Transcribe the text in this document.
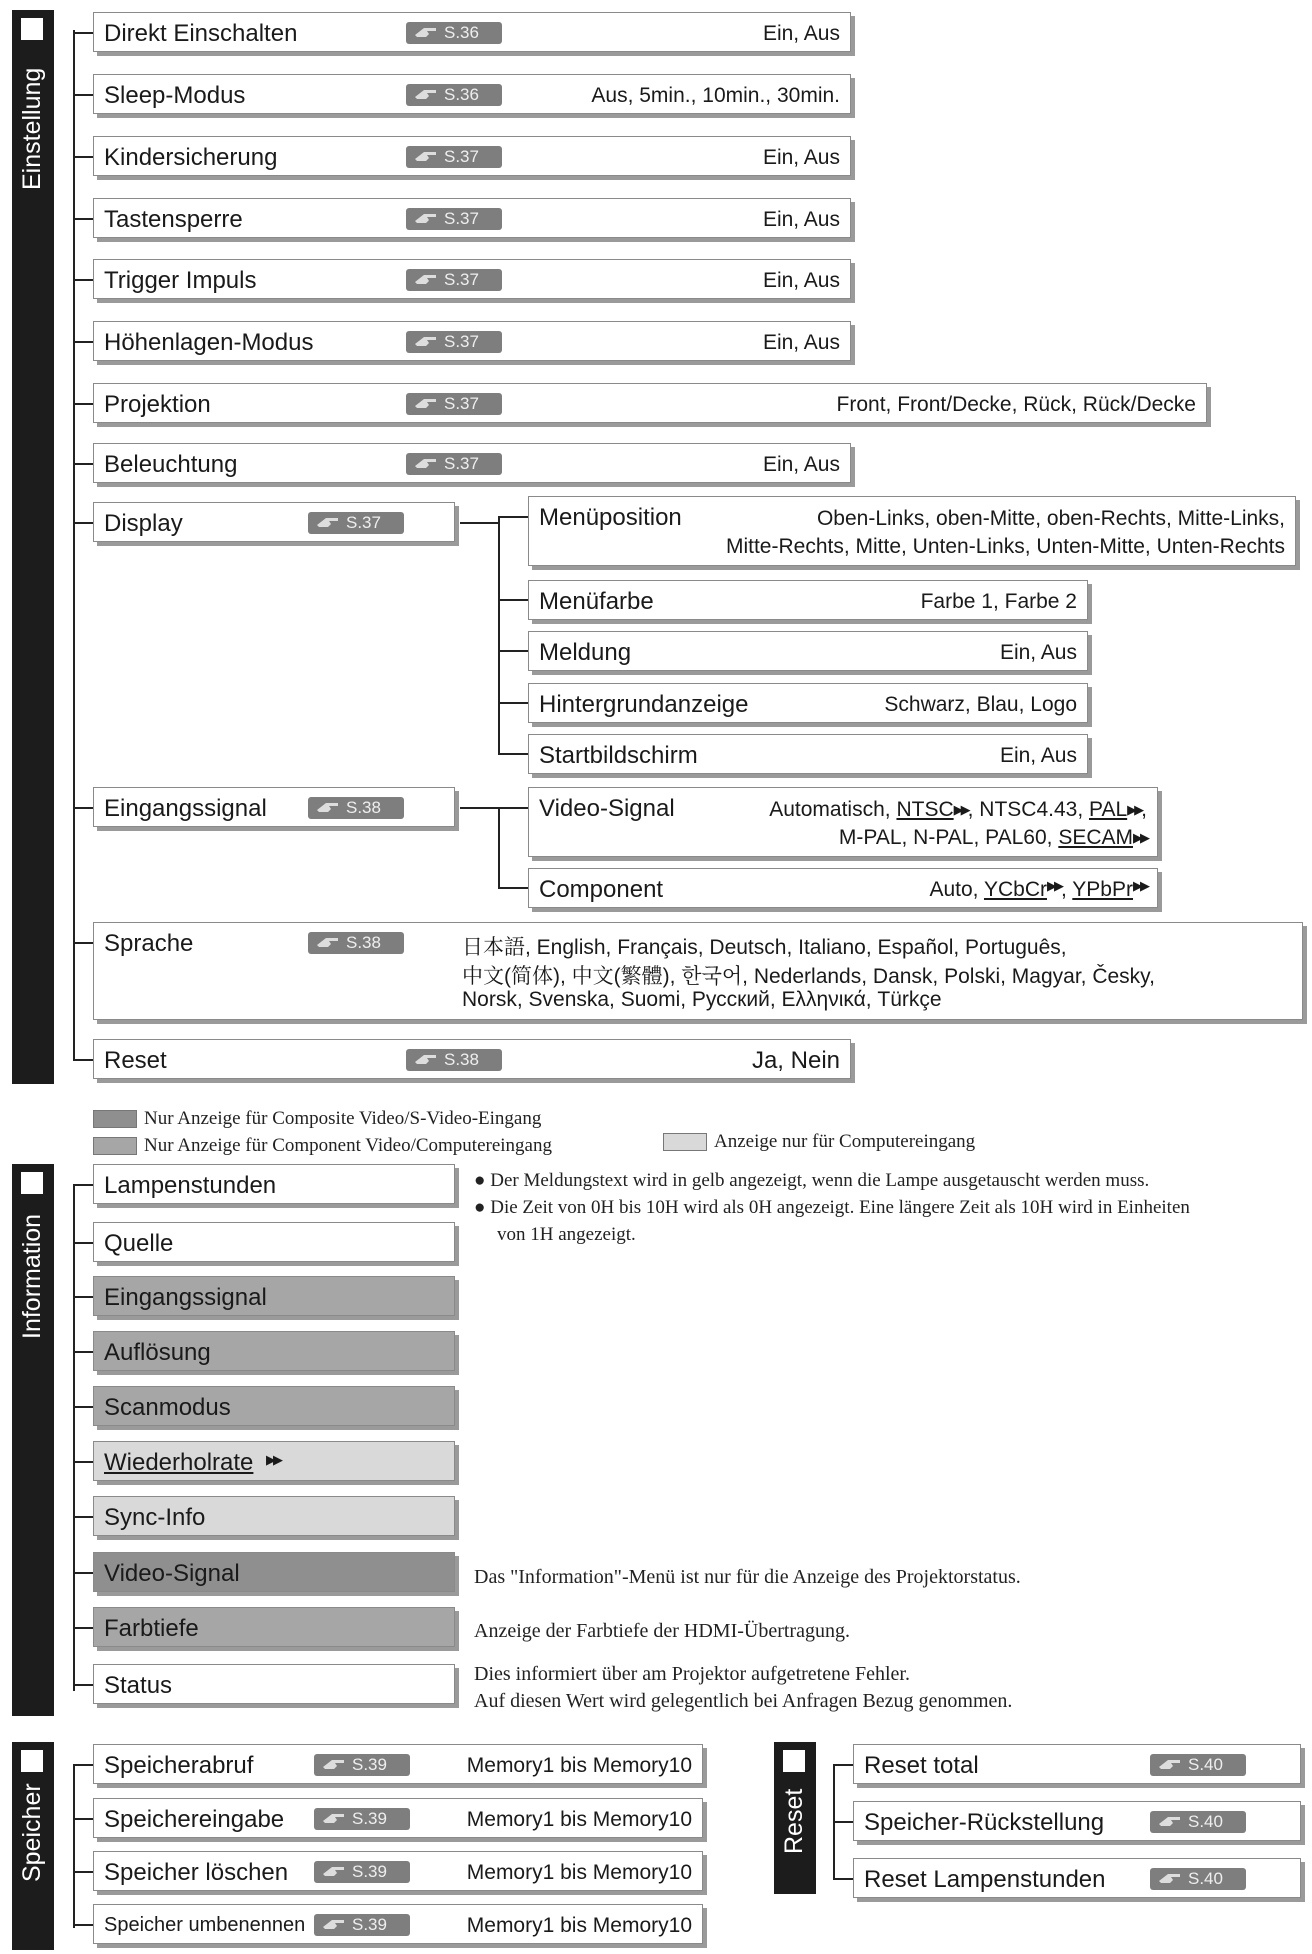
Einstellung
Direkt Einschalten	S.36	Ein, Aus
Sleep-Modus	S.36	Aus, 5min., 10min., 30min.
Kindersicherung	S.37	Ein, Aus
Tastensperre	S.37	Ein, Aus
Trigger Impuls	S.37	Ein, Aus
Höhenlagen-Modus	S.37	Ein, Aus
Projektion	S.37	Front, Front/Decke, Rück, Rück/Decke
Beleuchtung	S.37	Ein, Aus
Display	S.37	Menüposition	Oben-Links, oben-Mitte, oben-Rechts, Mitte-Links,
Mitte-Rechts, Mitte, Unten-Links, Unten-Mitte, Unten-Rechts
Menüfarbe	Farbe 1, Farbe 2
Meldung	Ein, Aus
Hintergrundanzeige	Schwarz, Blau, Logo
Startbildschirm	Ein, Aus
Eingangssignal	S.38	Video-Signal	Automatisch, NTSC▶▶, NTSC4.43, PAL▶▶,
M-PAL, N-PAL, PAL60, SECAM▶▶
Component	Auto, YCbCr▶▶, YPbPr▶▶
Sprache	S.38	日本語, English, Français, Deutsch, Italiano, Español, Português,
中文(简体), 中文(繁體), 한국어, Nederlands, Dansk, Polski, Magyar, Česky,
Norsk, Svenska, Suomi, Русский, Ελληνικά, Türkçe
Reset	S.38	Ja, Nein
Nur Anzeige für Composite Video/S-Video-Eingang
Nur Anzeige für Component Video/Computereingang	Anzeige nur für Computereingang
Information
Lampenstunden
Quelle
Eingangssignal
Auflösung
Scanmodus
Wiederholrate ▶▶
Sync-Info
Video-Signal
Farbtiefe
Status
● Der Meldungstext wird in gelb angezeigt, wenn die Lampe ausgetauscht werden muss.
● Die Zeit von 0H bis 10H wird als 0H angezeigt. Eine längere Zeit als 10H wird in Einheiten
von 1H angezeigt.
Das "Information"-Menü ist nur für die Anzeige des Projektorstatus.
Anzeige der Farbtiefe der HDMI-Übertragung.
Dies informiert über am Projektor aufgetretene Fehler.
Auf diesen Wert wird gelegentlich bei Anfragen Bezug genommen.
Speicher
Speicherabruf	S.39	Memory1 bis Memory10
Speichereingabe	S.39	Memory1 bis Memory10
Speicher löschen	S.39	Memory1 bis Memory10
Speicher umbenennen	S.39	Memory1 bis Memory10
Reset
Reset total	S.40
Speicher-Rückstellung	S.40
Reset Lampenstunden	S.40
